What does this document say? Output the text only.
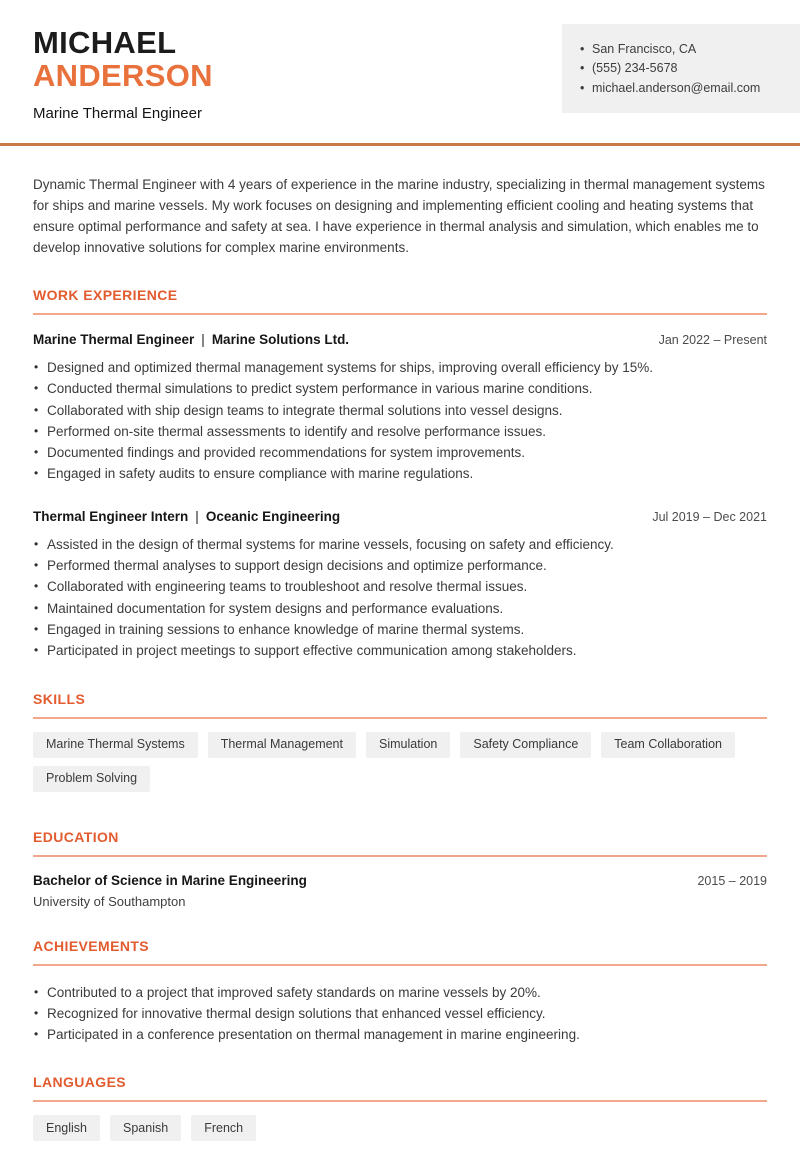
MICHAEL
ANDERSON
Marine Thermal Engineer
• San Francisco, CA
• (555) 234-5678
• michael.anderson@email.com

Dynamic Thermal Engineer with 4 years of experience in the marine industry, specializing in thermal management systems for ships and marine vessels. My work focuses on designing and implementing efficient cooling and heating systems that ensure optimal performance and safety at sea. I have experience in thermal analysis and simulation, which enables me to develop innovative solutions for complex marine environments.

WORK EXPERIENCE
Marine Thermal Engineer | Marine Solutions Ltd.	Jan 2022 – Present
• Designed and optimized thermal management systems for ships, improving overall efficiency by 15%.
• Conducted thermal simulations to predict system performance in various marine conditions.
• Collaborated with ship design teams to integrate thermal solutions into vessel designs.
• Performed on-site thermal assessments to identify and resolve performance issues.
• Documented findings and provided recommendations for system improvements.
• Engaged in safety audits to ensure compliance with marine regulations.
Thermal Engineer Intern | Oceanic Engineering	Jul 2019 – Dec 2021
• Assisted in the design of thermal systems for marine vessels, focusing on safety and efficiency.
• Performed thermal analyses to support design decisions and optimize performance.
• Collaborated with engineering teams to troubleshoot and resolve thermal issues.
• Maintained documentation for system designs and performance evaluations.
• Engaged in training sessions to enhance knowledge of marine thermal systems.
• Participated in project meetings to support effective communication among stakeholders.
SKILLS
Marine Thermal Systems	Thermal Management	Simulation	Safety Compliance	Team Collaboration
Problem Solving
EDUCATION
Bachelor of Science in Marine Engineering	2015 – 2019
University of Southampton
ACHIEVEMENTS
• Contributed to a project that improved safety standards on marine vessels by 20%.
• Recognized for innovative thermal design solutions that enhanced vessel efficiency.
• Participated in a conference presentation on thermal management in marine engineering.
LANGUAGES
English	Spanish	French
